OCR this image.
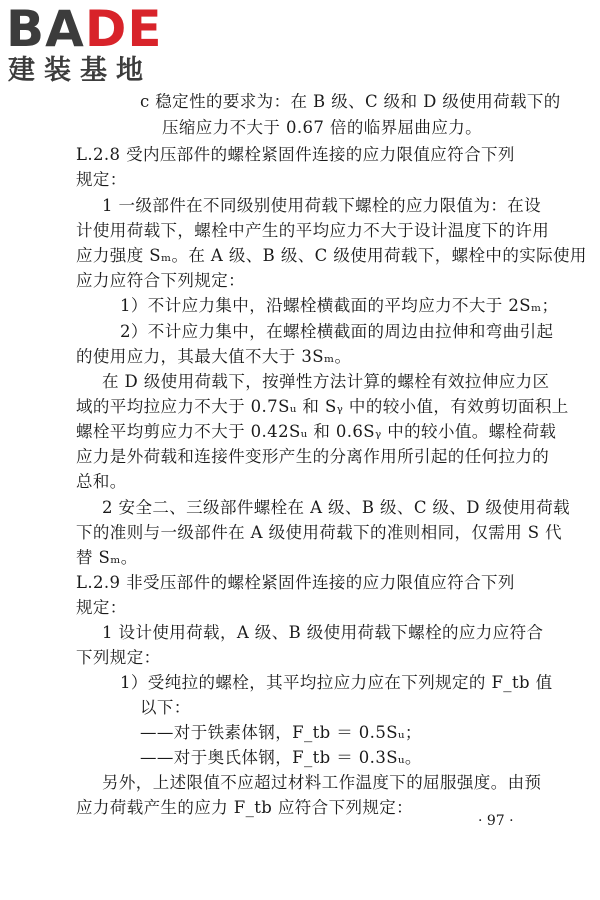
BADE
建装基地
c 稳定性的要求为：在 B 级、C 级和 D 级使用荷载下的
压缩应力不大于 0.67 倍的临界屈曲应力。
L.2.8 受内压部件的螺栓紧固件连接的应力限值应符合下列
规定：
1 一级部件在不同级别使用荷载下螺栓的应力限值为：在设
计使用荷载下，螺栓中产生的平均应力不大于设计温度下的许用
应力强度 Sₘ。在 A 级、B 级、C 级使用荷载下，螺栓中的实际使用
应力应符合下列规定：
1）不计应力集中，沿螺栓横截面的平均应力不大于 2Sₘ；
2）不计应力集中，在螺栓横截面的周边由拉伸和弯曲引起
的使用应力，其最大值不大于 3Sₘ。
在 D 级使用荷载下，按弹性方法计算的螺栓有效拉伸应力区
域的平均拉应力不大于 0.7Sᵤ 和 Sᵧ 中的较小值，有效剪切面积上
螺栓平均剪应力不大于 0.42Sᵤ 和 0.6Sᵧ 中的较小值。螺栓荷载
应力是外荷载和连接件变形产生的分离作用所引起的任何拉力的
总和。
2 安全二、三级部件螺栓在 A 级、B 级、C 级、D 级使用荷载
下的准则与一级部件在 A 级使用荷载下的准则相同，仅需用 S 代
替 Sₘ。
L.2.9 非受压部件的螺栓紧固件连接的应力限值应符合下列
规定：
1 设计使用荷载，A 级、B 级使用荷载下螺栓的应力应符合
下列规定：
1）受纯拉的螺栓，其平均拉应力应在下列规定的 F_tb 值
以下：
——对于铁素体钢，F_tb ＝ 0.5Sᵤ；
——对于奥氏体钢，F_tb ＝ 0.3Sᵤ。
另外，上述限值不应超过材料工作温度下的屈服强度。由预
应力荷载产生的应力 F_tb 应符合下列规定：
· 97 ·
